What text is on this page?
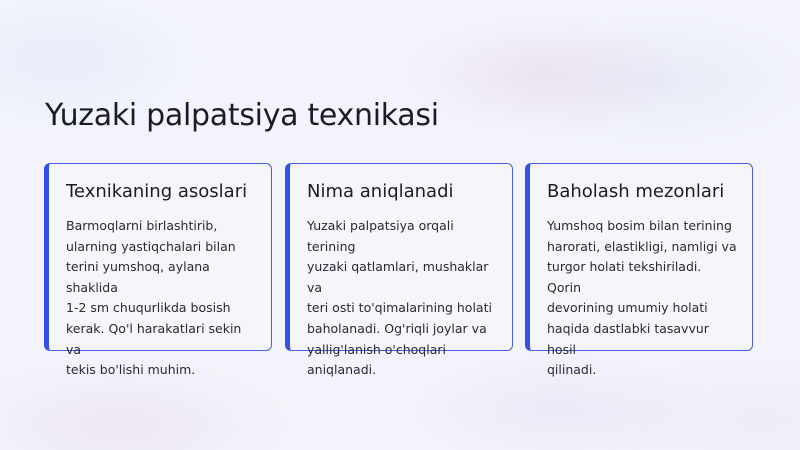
Yuzaki palpatsiya texnikasi
Texnikaning asoslari

Barmoqlarni birlashtirib,
ularning yastiqchalari bilan
terini yumshoq, aylana shaklida
1-2 sm chuqurlikda bosish
kerak. Qo'l harakatlari sekin va
tekis bo'lishi muhim.

Nima aniqlanadi

Yuzaki palpatsiya orqali terining
yuzaki qatlamlari, mushaklar va
teri osti to'qimalarining holati
baholanadi. Og'riqli joylar va
yallig'lanish o'choqlari
aniqlanadi.

Baholash mezonlari

Yumshoq bosim bilan terining
harorati, elastikligi, namligi va
turgor holati tekshiriladi. Qorin
devorining umumiy holati
haqida dastlabki tasavvur hosil
qilinadi.
